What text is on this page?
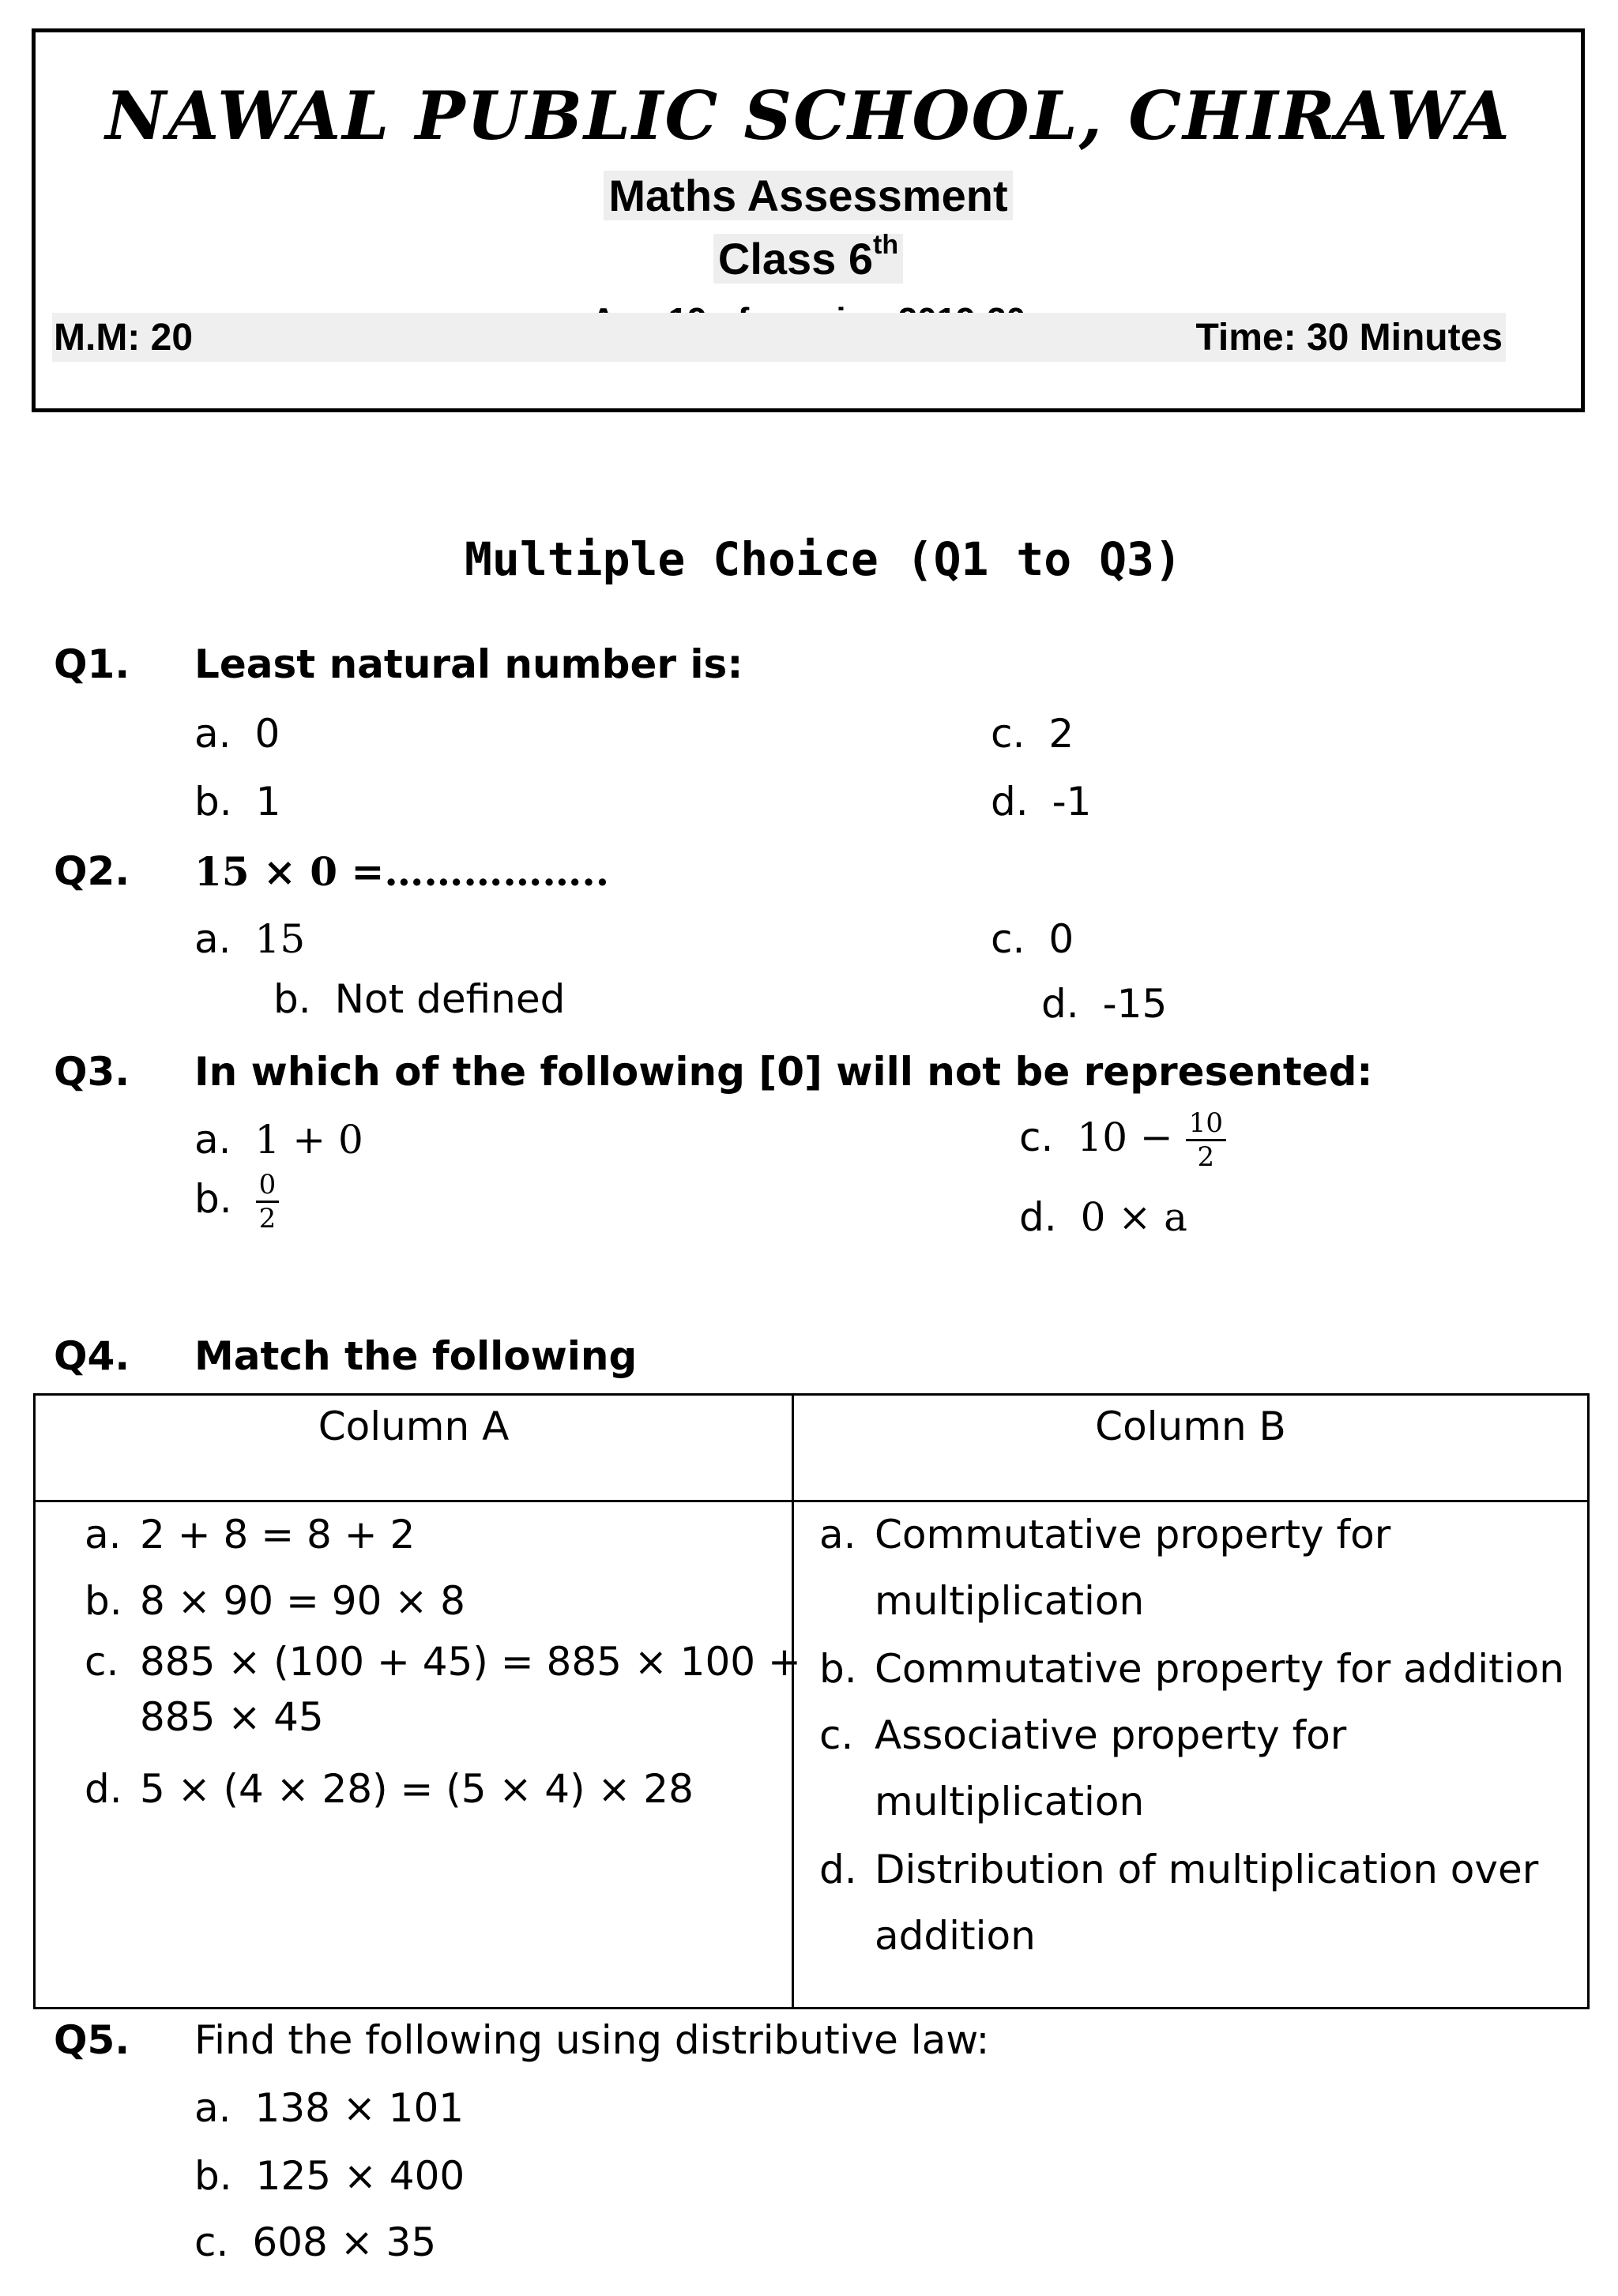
NAWAL PUBLIC SCHOOL, CHIRAWA
Maths Assessment
Class 6th
M.M: 20	Time: 30 Minutes
Multiple Choice (Q1 to Q3)
Q1. Least natural number is:
a. 0
b. 1
c. 2
d. -1
Q2. 15 × 0 =……………..
a. 15
b. Not defined
c. 0
d. -15
Q3. In which of the following [0] will not be represented:
a. 1 + 0
b. $\frac{0}{2}$
c. $10 - \frac{10}{2}$
d. 0 × a
Q4. Match the following
Column A	Column B
a. 2 + 8 = 8 + 2
b. 8 × 90 = 90 × 8
c. 885 × (100 + 45) = 885 × 100 +
885 × 45
d. 5 × (4 × 28) = (5 × 4) × 28
a. Commutative property for
multiplication
b. Commutative property for addition
c. Associative property for
multiplication
d. Distribution of multiplication over
addition
Q5. Find the following using distributive law:
a. 138 × 101
b. 125 × 400
c. 608 × 35
